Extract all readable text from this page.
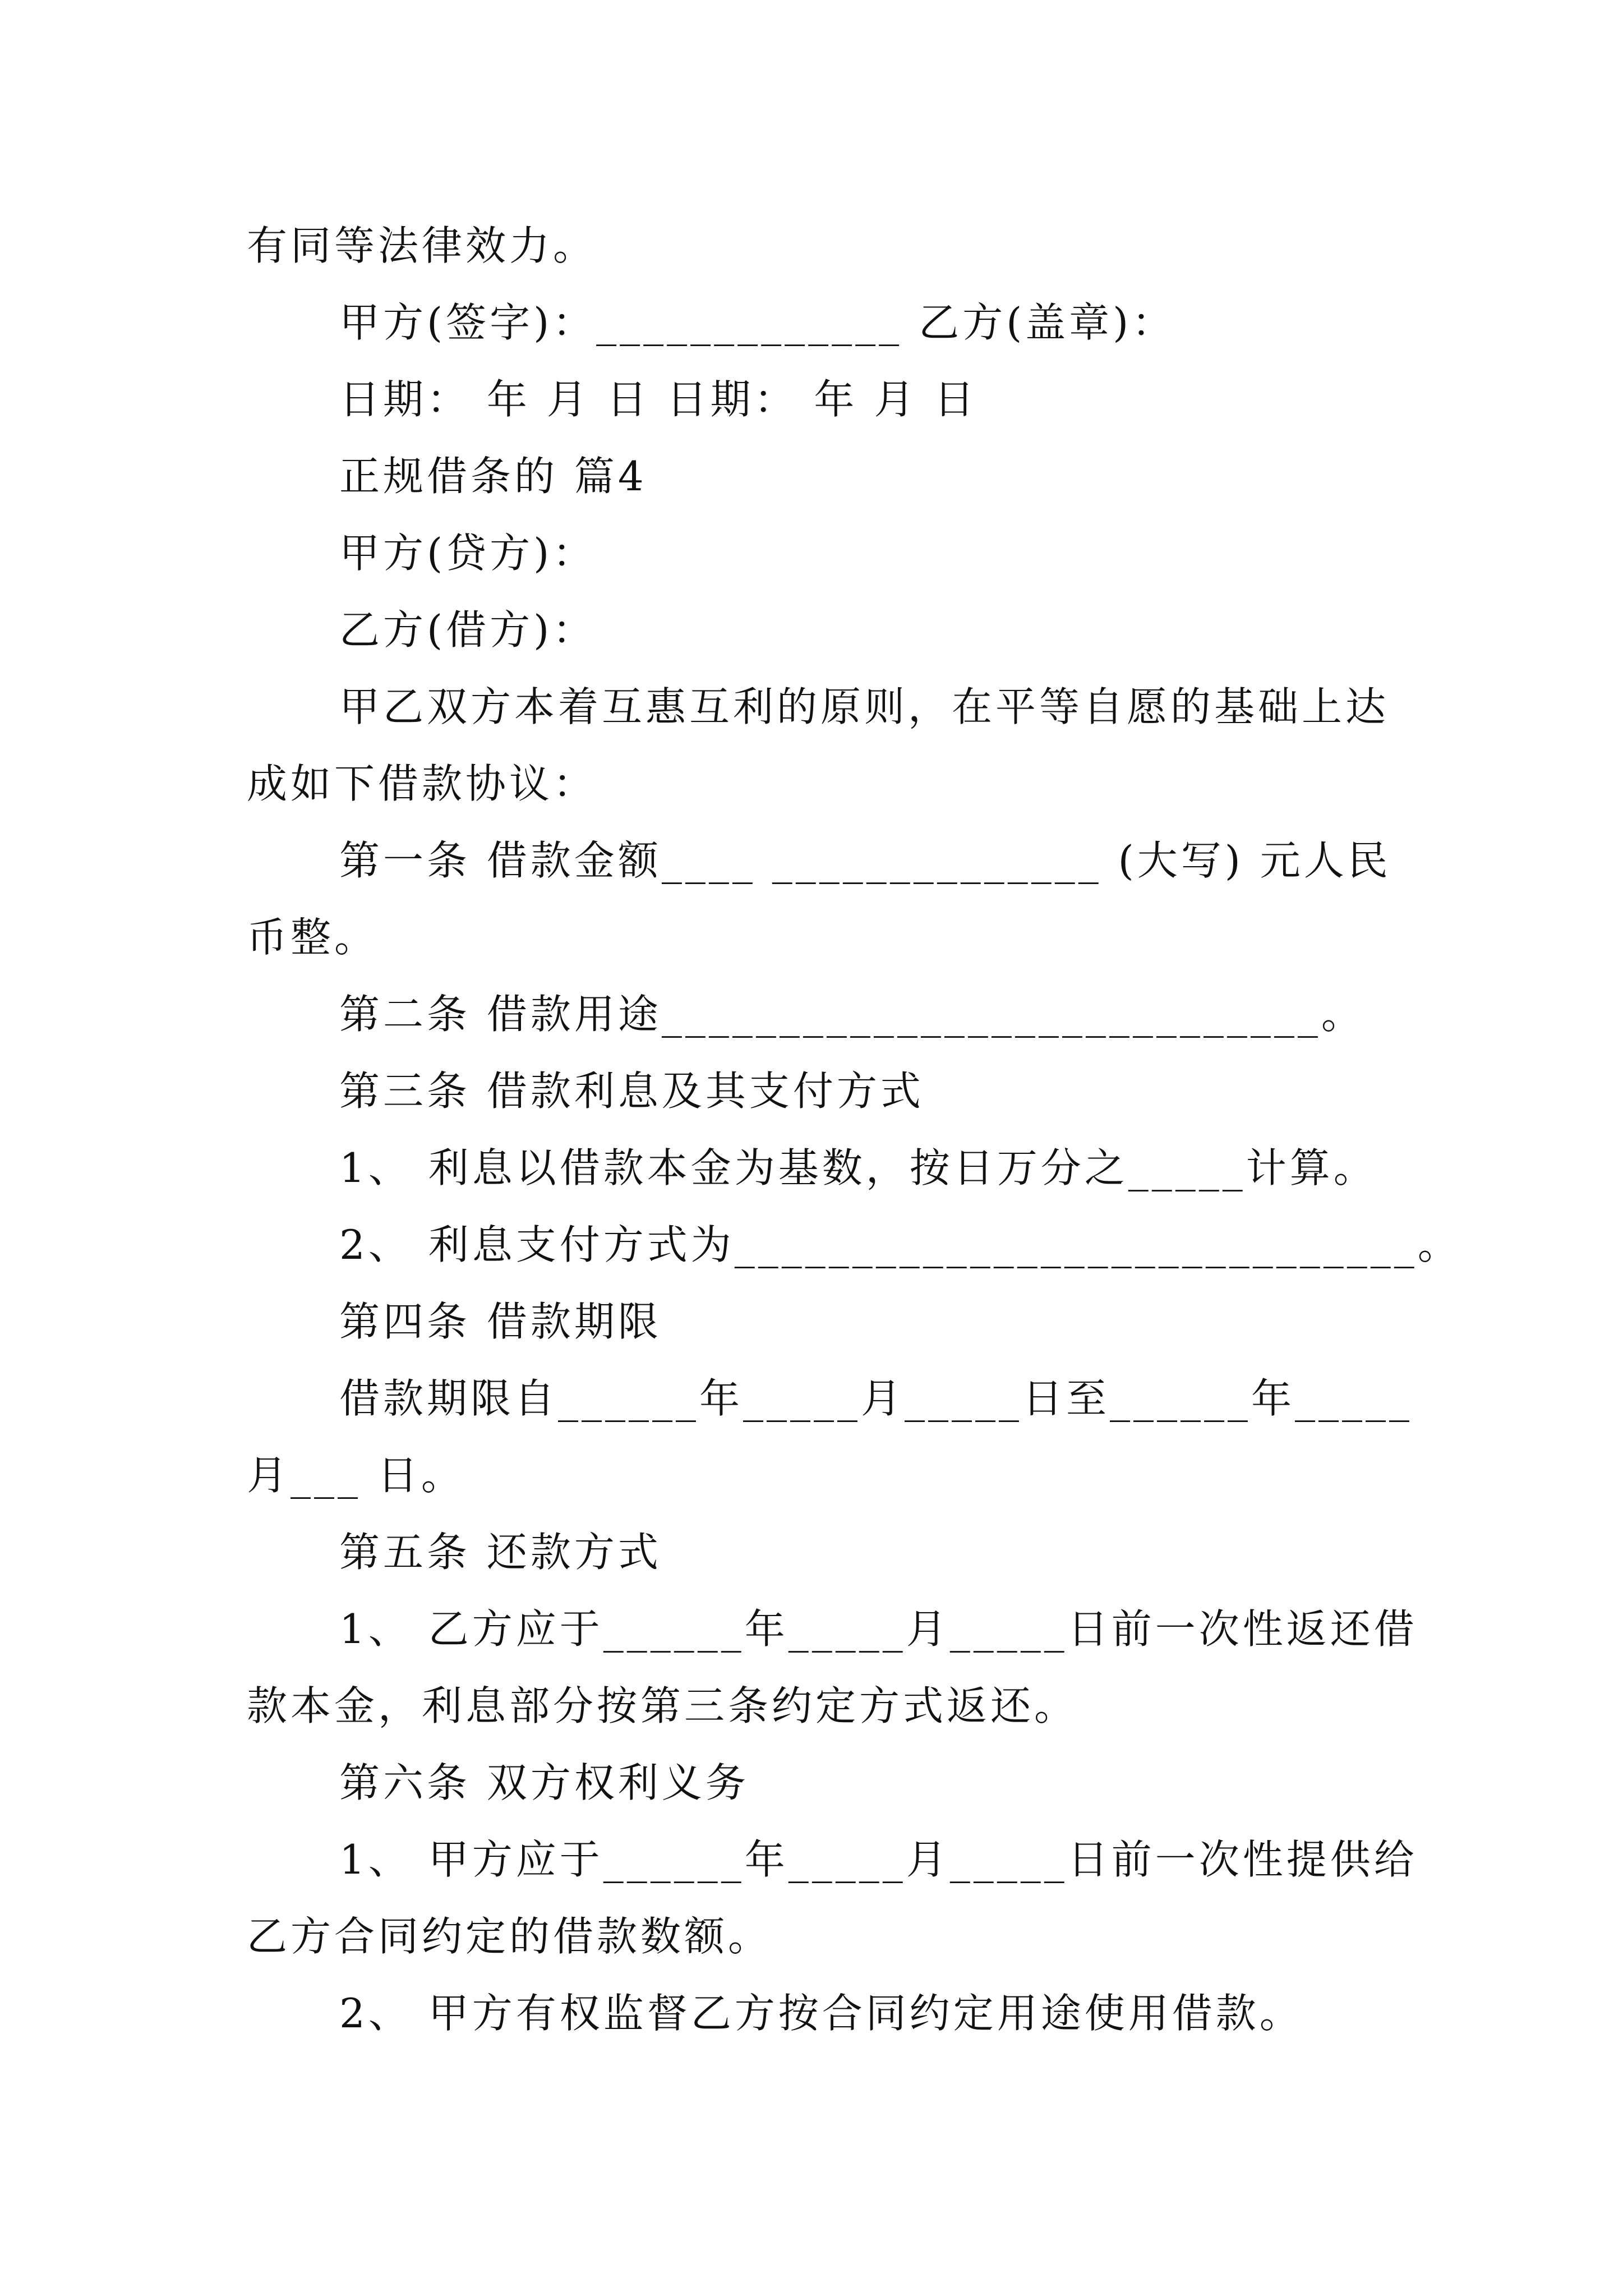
有同等法律效力。
甲方(签字)：_____________ 乙方(盖章)：
日期： 年 月 日 日期： 年 月 日
正规借条的 篇4
甲方(贷方)：
乙方(借方)：
甲乙双方本着互惠互利的原则，在平等自愿的基础上达
成如下借款协议：
第一条 借款金额____ ______________ (大写) 元人民
币整。
第二条 借款用途____________________________。
第三条 借款利息及其支付方式
1、 利息以借款本金为基数，按日万分之_____计算。
2、 利息支付方式为_____________________________。
第四条 借款期限
借款期限自______年_____月_____日至______年_____
月___ 日。
第五条 还款方式
1、 乙方应于______年_____月_____日前一次性返还借
款本金，利息部分按第三条约定方式返还。
第六条 双方权利义务
1、 甲方应于______年_____月_____日前一次性提供给
乙方合同约定的借款数额。
2、 甲方有权监督乙方按合同约定用途使用借款。
